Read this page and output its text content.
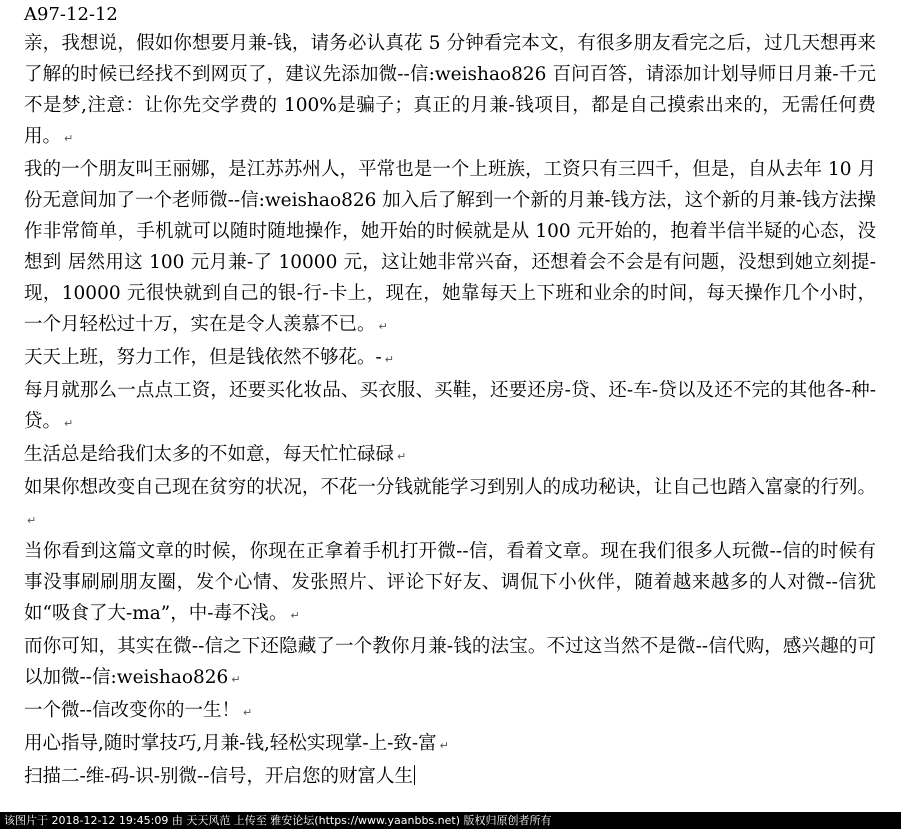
A97-12-12

亲，我想说，假如你想要月兼-钱，请务必认真花 5 分钟看完本文，有很多朋友看完之后，过几天想再来了解的时候已经找不到网页了，建议先添加微--信:weishao826 百问百答，请添加计划导师日月兼-千元不是梦,注意：让你先交学费的 100%是骗子；真正的月兼-钱项目，都是自己摸索出来的，无需任何费用。 ↵

我的一个朋友叫王丽娜，是江苏苏州人，平常也是一个上班族，工资只有三四千，但是，自从去年 10 月份无意间加了一个老师微--信:weishao826 加入后了解到一个新的月兼-钱方法，这个新的月兼-钱方法操作非常简单，手机就可以随时随地操作，她开始的时候就是从 100 元开始的，抱着半信半疑的心态，没想到 居然用这 100 元月兼-了 10000 元，这让她非常兴奋，还想着会不会是有问题，没想到她立刻提-现，10000 元很快就到自己的银-行-卡上，现在，她靠每天上下班和业余的时间，每天操作几个小时，一个月轻松过十万，实在是令人羡慕不已。 ↵

天天上班，努力工作，但是钱依然不够花。- ↵

每月就那么一点点工资，还要买化妆品、买衣服、买鞋，还要还房-贷、还-车-贷以及还不完的其他各-种-贷。 ↵

生活总是给我们太多的不如意，每天忙忙碌碌 ↵

如果你想改变自己现在贫穷的状况，不花一分钱就能学习到别人的成功秘诀，让自己也踏入富豪的行列。↵

当你看到这篇文章的时候，你现在正拿着手机打开微--信，看着文章。现在我们很多人玩微--信的时候有事没事刷刷朋友圈，发个心情、发张照片、评论下好友、调侃下小伙伴，随着越来越多的人对微--信犹如“吸食了大-ma”，中-毒不浅。 ↵

而你可知，其实在微--信之下还隐藏了一个教你月兼-钱的法宝。不过这当然不是微--信代购，感兴趣的可以加微--信:weishao826 ↵

一个微--信改变你的一生！ ↵

用心指导,随时掌技巧,月兼-钱,轻松实现掌-上-致-富 ↵

扫描二-维-码-识-别微--信号，开启您的财富人生

该图片于 2018-12-12 19:45:09 由 天天风范 上传至 雅安论坛(https://www.yaanbbs.net) 版权归原创者所有
